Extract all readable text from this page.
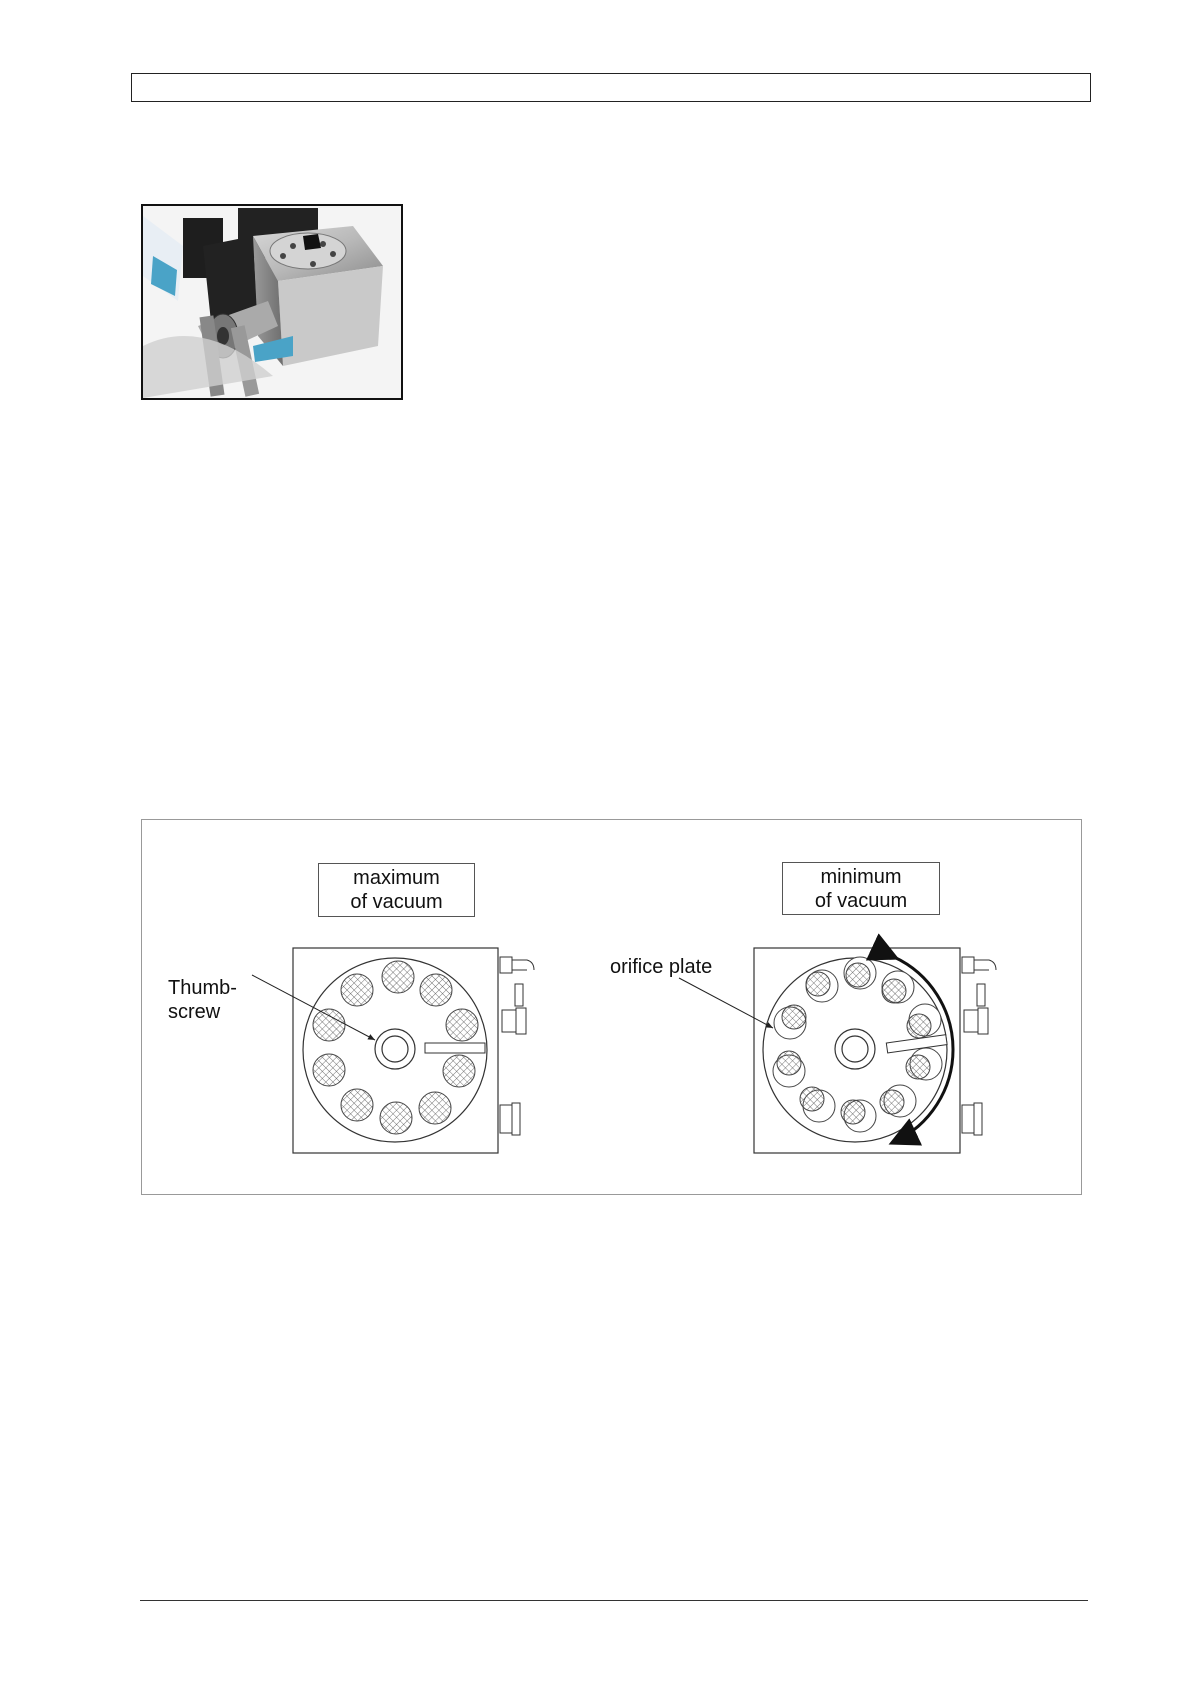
maximum
of vacuum
minimum
of vacuum
Thumb-
screw
orifice plate
